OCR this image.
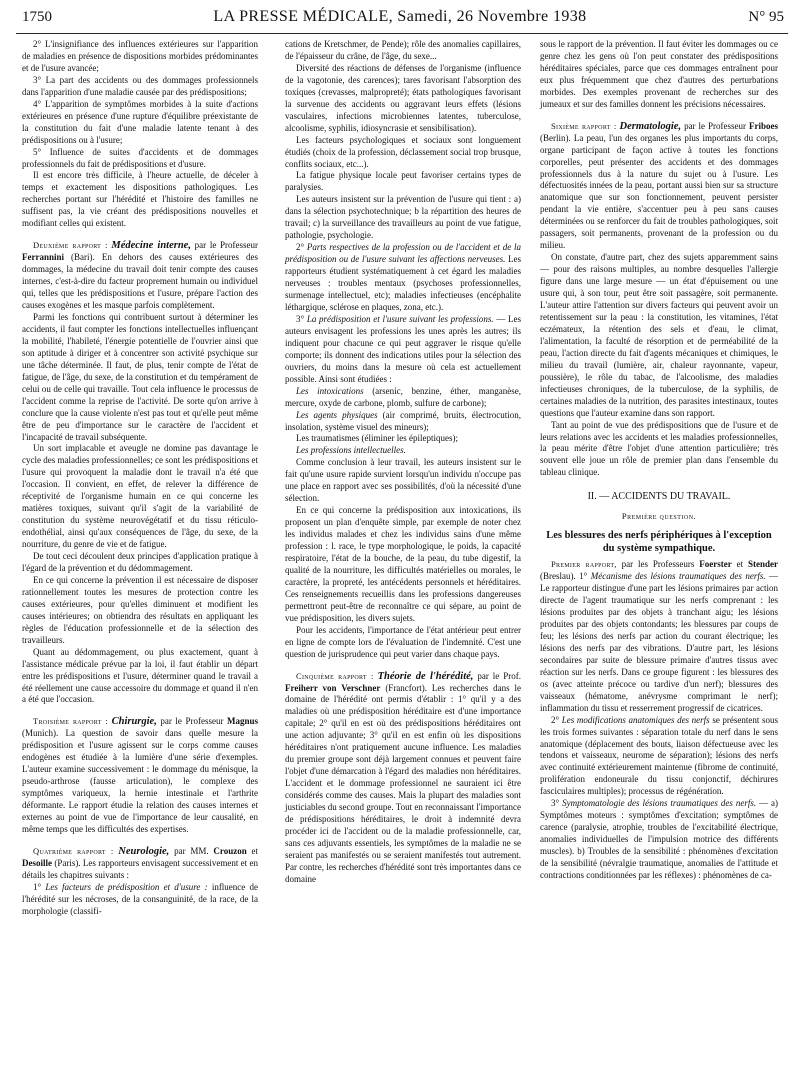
1750	LA PRESSE MÉDICALE, Samedi, 26 Novembre 1938	N° 95

2° L'insignifiance des influences extérieures sur l'apparition de maladies en présence de dispositions morbides prédominantes et de l'usure avancée;

3° La part des accidents ou des dommages professionnels dans l'apparition d'une maladie causée par des prédispositions;

4° L'apparition de symptômes morbides à la suite d'actions extérieures en présence d'une rupture d'équilibre préexistante de la constitution du fait d'une maladie latente tenant à des prédispositions ou à l'usure;

5° Influence de suites d'accidents et de dommages professionnels du fait de prédispositions et d'usure.

Il est encore très difficile, à l'heure actuelle, de déceler à temps et exactement les dispositions pathologiques. Les recherches portant sur l'hérédité et l'histoire des familles ne suffisent pas, la vie créant des prédispositions nouvelles et modifiant celles qui existent.

Deuxième rapport : Médecine interne, par le Professeur Ferrannini (Bari). En dehors des causes extérieures des dommages, la médecine du travail doit tenir compte des causes internes, c'est-à-dire du facteur proprement humain ou individuel qui, telles que les prédispositions et l'usure, prépare l'action des causes exogènes et les masque parfois complètement.

Parmi les fonctions qui contribuent surtout à déterminer les accidents, il faut compter les fonctions intellectuelles influençant la mobilité, l'habileté, l'énergie potentielle de l'ouvrier ainsi que son aptitude à diriger et à concentrer son activité psychique sur une tâche déterminée. Il faut, de plus, tenir compte de l'état de fatigue, de l'âge, du sexe, de la constitution et du tempérament de celui ou de celle qui travaille. Tout cela influence le processus de l'accident comme la reprise de l'activité. De sorte qu'on arrive à conclure que la cause violente n'est pas tout et qu'elle peut même être de peu d'importance sur le caractère de l'accident et l'incapacité de travail subséquente.

Un sort implacable et aveugle ne domine pas davantage le cycle des maladies professionnelles; ce sont les prédispositions et l'usure qui provoquent la maladie dont le travail n'a été que l'occasion. Il convient, en effet, de relever la différence de réceptivité de l'organisme humain en ce qui concerne les matières toxiques, suivant qu'il s'agit de la variabilité de constitution du système neurovégétatif et du tissu réticulo-endothélial, ainsi qu'aux conséquences de l'âge, du sexe, de la nourriture, du genre de vie et de fatigue.

De tout ceci découlent deux principes d'application pratique à l'égard de la prévention et du dédommagement.

En ce qui concerne la prévention il est nécessaire de disposer rationnellement toutes les mesures de protection contre les causes extérieures, pour qu'elles diminuent et modifient les causes intérieures; on obtiendra des résultats en appliquant les règles de l'éducation professionnelle et de la sélection des travailleurs.

Quant au dédommagement, ou plus exactement, quant à l'assistance médicale prévue par la loi, il faut établir un départ entre les prédispositions et l'usure, déterminer quand le travail a été réellement une cause accessoire du dommage et quand il n'en a été que l'occasion.

Troisième rapport : Chirurgie, par le Professeur Magnus (Munich). La question de savoir dans quelle mesure la prédisposition et l'usure agissent sur le corps comme causes endogènes est étudiée à la lumière d'une série d'exemples. L'auteur examine successivement : le dommage du ménisque, la pseudo-arthrose (fausse articulation), le complexe des symptômes variqueux, la hernie intestinale et l'arthrite déformante. Le rapport étudie la relation des causes internes et externes au point de vue de l'importance de leur causalité, en même temps que les difficultés des expertises.

Quatrième rapport : Neurologie, par MM. Crouzon et Desoille (Paris). Les rapporteurs envisagent successivement et en détails les chapitres suivants :

1° Les facteurs de prédisposition et d'usure : influence de l'hérédité sur les nécroses, de la consanguinité, de la race, de la morphologie (classifi-

cations de Kretschmer, de Pende); rôle des anomalies capillaires, de l'épaisseur du crâne, de l'âge, du sexe...

Diversité des réactions de défenses de l'organisme (influence de la vagotonie, des carences); tares favorisant l'absorption des toxiques (crevasses, malpropreté); états pathologiques favorisant la survenue des accidents ou aggravant leurs effets (lésions vasculaires, infections microbiennes latentes, tuberculose, alcoolisme, syphilis, idiosyncrasie et sensibilisation).

Les facteurs psychologiques et sociaux sont longuement étudiés (choix de la profession, déclassement social trop brusque, conflits sociaux, etc...).

La fatigue physique locale peut favoriser certains types de paralysies.

Les auteurs insistent sur la prévention de l'usure qui tient : a) dans la sélection psychotechnique; b la répartition des heures de travail; c) la surveillance des travailleurs au point de vue fatigue, pathologie, psychologie.

2° Parts respectives de la profession ou de l'accident et de la prédisposition ou de l'usure suivant les affections nerveuses. Les rapporteurs étudient systématiquement à cet égard les maladies nerveuses : troubles mentaux (psychoses professionnelles, surmenage intellectuel, etc); maladies infectieuses (encéphalite léthargique, sclérose en plaques, zona, etc.).

3° La prédisposition et l'usure suivant les professions. — Les auteurs envisagent les professions les unes après les autres; ils indiquent pour chacune ce qui peut aggraver le risque qu'elle comporte; ils donnent des indications utiles pour la sélection des ouvriers, du moins dans la mesure où cela est actuellement possible. Ainsi sont étudiées :

Les intoxications (arsenic, benzine, éther, manganèse, mercure, oxyde de carbone, plomb, sulfure de carbone);

Les agents physiques (air comprimé, bruits, électrocution, insolation, système visuel des mineurs);

Les traumatismes (éliminer les épileptiques);

Les professions intellectuelles.

Comme conclusion à leur travail, les auteurs insistent sur le fait qu'une usure rapide survient lorsqu'un individu n'occupe pas une place en rapport avec ses possibilités, d'où la nécessité d'une sélection.

En ce qui concerne la prédisposition aux intoxications, ils proposent un plan d'enquête simple, par exemple de noter chez les individus malades et chez les individus sains d'une même profession : l. race, le type morphologique, le poids, la capacité respiratoire, l'état de la bouche, de la peau, du tube digestif, la qualité de la nourriture, les difficultés matérielles ou morales, le caractère, la propreté, les antécédents personnels et héréditaires. Ces renseignements recueillis dans les professions dangereuses permettront peut-être de reconnaître ce qui sépare, au point de vue prédisposition, les divers sujets.

Pour les accidents, l'importance de l'état antérieur peut entrer en ligne de compte lors de l'évaluation de l'indemnité. C'est une question de jurisprudence qui peut varier dans chaque pays.

Cinquième rapport : Théorie de l'hérédité, par le Prof. Freiherr von Verschner (Francfort). Les recherches dans le domaine de l'hérédité ont permis d'établir : 1° qu'il y a des maladies où une prédisposition héréditaire est d'une importance capitale; 2° qu'il en est où des prédispositions héréditaires ont une action adjuvante; 3° qu'il en est enfin où les dispositions héréditaires n'ont pratiquement aucune influence. Les maladies du premier groupe sont déjà largement connues et peuvent faire l'objet d'une démarcation à l'égard des maladies non héréditaires. L'accident et le dommage professionnel ne sauraient ici être considérés comme des causes. Mais la plupart des maladies sont justiciables du second groupe. Tout en reconnaissant l'importance de prédispositions héréditaires, le droit à indemnité devra procéder ici de l'accident ou de la maladie professionnelle, car, sans ces adjuvants essentiels, les symptômes de la maladie ne se seraient pas manifestés ou se seraient manifestés tout autrement. Par contre, les recherches d'hérédité sont très importantes dans ce domaine

sous le rapport de la prévention. Il faut éviter les dommages ou ce genre chez les gens où l'on peut constater des prédispositions héréditaires spéciales, parce que ces dommages entraînent pour eux plus fréquemment que chez d'autres des perturbations morbides. Des exemples provenant de recherches sur des jumeaux et sur des familles donnent les précisions nécessaires.

Sixième rapport : Dermatologie, par le Professeur Friboes (Berlin). La peau, l'un des organes les plus importants du corps, organe participant de façon active à toutes les fonctions corporelles, peut présenter des accidents et des dommages professionnels dus à la nature du sujet ou à l'usure. Les défectuosités innées de la peau, portant aussi bien sur sa structure anatomique que sur son fonctionnement, peuvent persister pendant la vie entière, s'accentuer peu à peu sans causes déterminées ou se renforcer du fait de troubles pathologiques, soit passagers, soit permanents, provenant de la profession ou du milieu.

On constate, d'autre part, chez des sujets apparemment sains — pour des raisons multiples, au nombre desquelles l'allergie figure dans une large mesure — un état d'épuisement ou une usure qui, à son tour, peut être soit passagère, soit permanente. L'auteur attire l'attention sur divers facteurs qui peuvent avoir un retentissement sur la peau : la constitution, les vitamines, l'état eczémateux, la rétention des sels et d'eau, le climat, l'alimentation, la faculté de résorption et de perméabilité de la peau, l'action directe du fait d'agents mécaniques et chimiques, le milieu du travail (lumière, air, chaleur rayonnante, vapeur, poussière), le rôle du tabac, de l'alcoolisme, des maladies infectieuses chroniques, de la tuberculose, de la syphilis, de certaines maladies de la nutrition, des parasites intestinaux, toutes questions que l'auteur examine dans son rapport.

Tant au point de vue des prédispositions que de l'usure et de leurs relations avec les accidents et les maladies professionnelles, la peau mérite d'être l'objet d'une attention particulière; très souvent elle joue un rôle de premier plan dans l'ensemble du tableau clinique.

II. — ACCIDENTS DU TRAVAIL.

Première question.

Les blessures des nerfs périphériques à l'exception du système sympathique.

Premier rapport, par les Professeurs Foerster et Stender (Breslau). 1° Mécanisme des lésions traumatiques des nerfs. — Le rapporteur distingue d'une part les lésions primaires par action directe de l'agent traumatique sur les nerfs comprenant : les lésions produites par des objets à tranchant aigu; les lésions produites par des objets contondants; les blessures par coups de feu; les lésions des nerfs par action du courant électrique; les lésions des nerfs par des vibrations. D'autre part, les lésions secondaires par suite de blessure primaire d'autres tissus avec réaction sur les nerfs. Dans ce groupe figurent : les blessures des os (avec atteinte précoce ou tardive d'un nerf); blessures des vaisseaux (hématome, anévrysme comprimant le nerf); inflammation du tissu et resserrement progressif de cicatrices.

2° Les modifications anatomiques des nerfs se présentent sous les trois formes suivantes : séparation totale du nerf dans le sens anatomique (déplacement des bouts, liaison défectueuse avec les tendons et vaisseaux, neurome de séparation); lésions des nerfs avec continuité extérieurement maintenue (fibrome de continuité, prolifération endoneurale du tissu conjonctif, déchirures fasciculaires multiples); processus de régénération.

3° Symptomatologie des lésions traumatiques des nerfs. — a) Symptômes moteurs : symptômes d'excitation; symptômes de carence (paralysie, atrophie, troubles de l'excitabilité électrique, anomalies individuelles de l'impulsion motrice des différents muscles). b) Troubles de la sensibilité : phénomènes d'excitation de la sensibilité (névralgie traumatique, anomalies de l'attitude et contractions conditionnées par les réflexes) : phénomènes de ca-
